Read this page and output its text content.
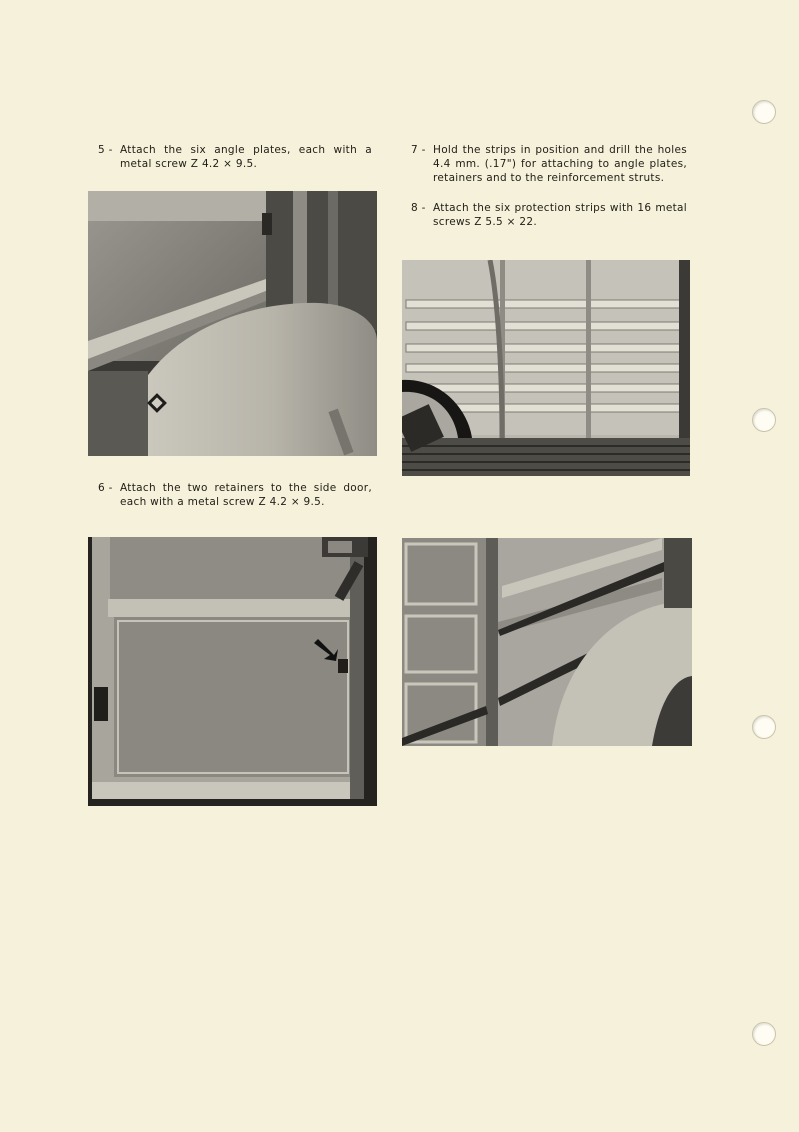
5 - Attach the six angle plates, each with a metal screw Z 4.2 × 9.5.
6 - Attach the two retainers to the side door, each with a metal screw Z 4.2 × 9.5.
7 - Hold the strips in position and drill the holes 4.4 mm. (.17") for attaching to angle plates, retainers and to the reinforcement struts.
8 - Attach the six protection strips with 16 metal screws Z 5.5 × 22.
